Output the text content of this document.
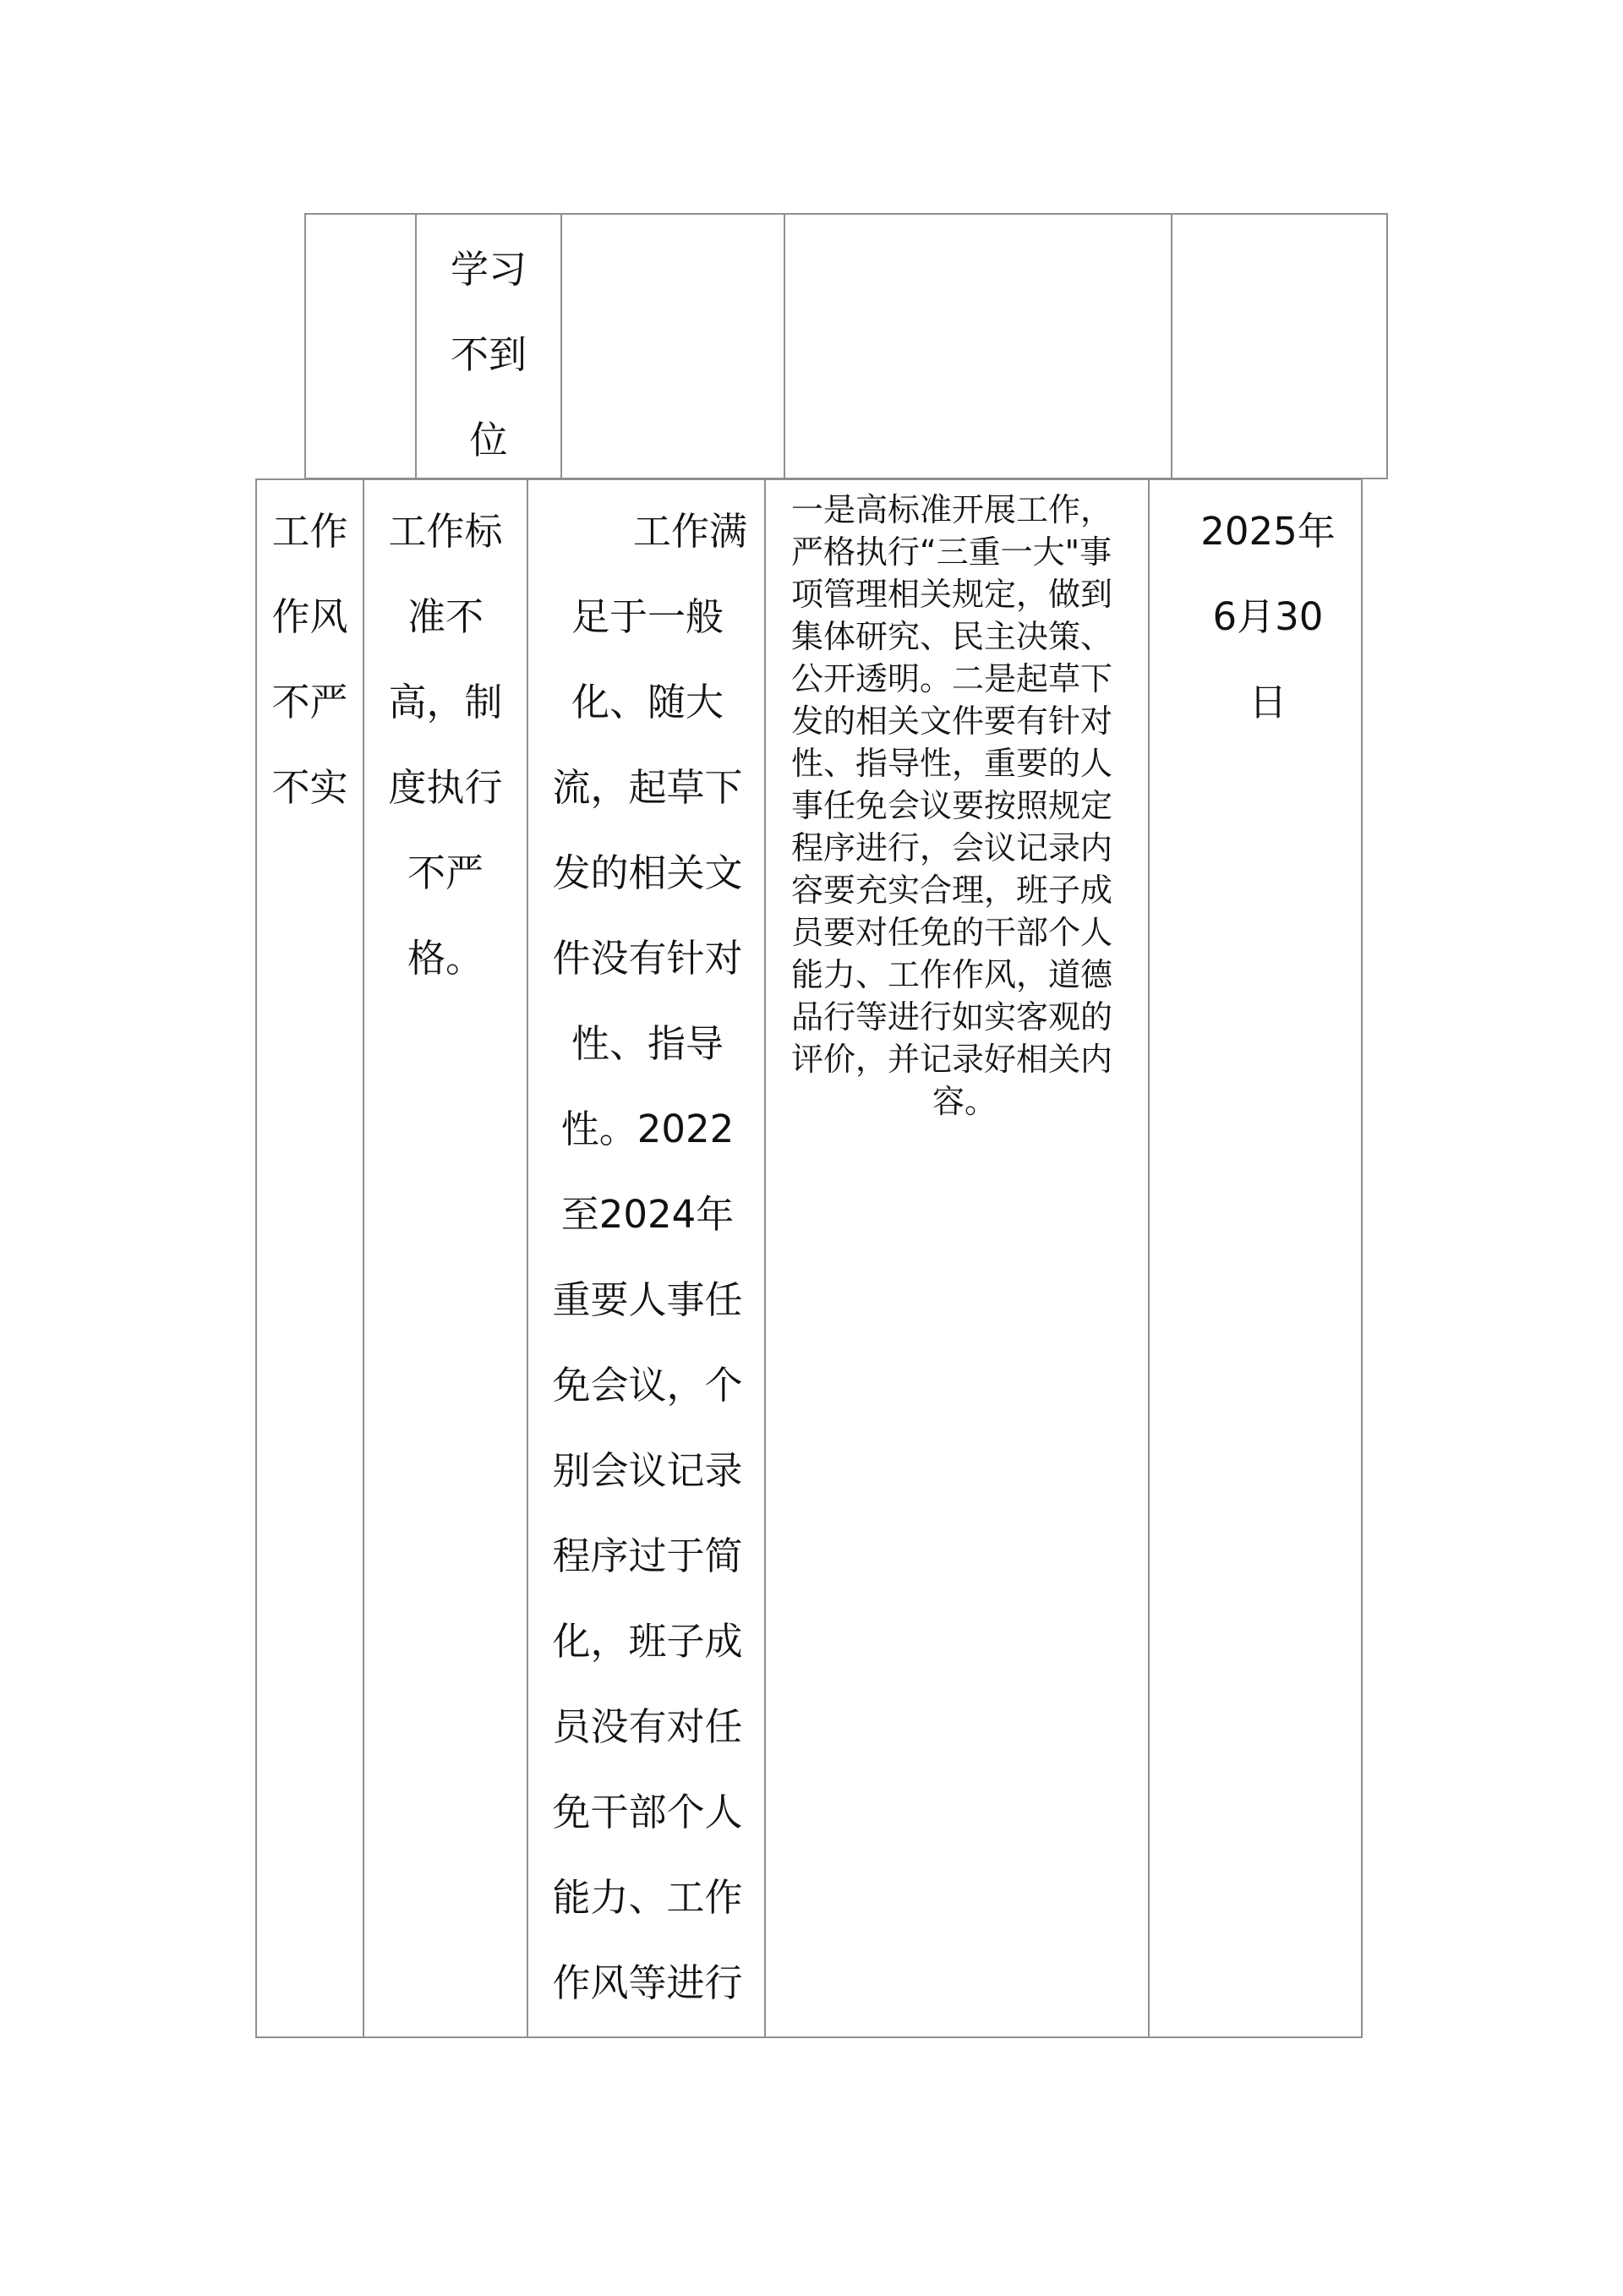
学习
不到
位
工作
作风
不严
不实
工作标
准不
高，制
度执行
不严
格。
工作满
足于一般
化、随大
流，起草下
发的相关文
件没有针对
性、指导
性。2022
至2024年
重要人事任
免会议，个
别会议记录
程序过于简
化，班子成
员没有对任
免干部个人
能力、工作
作风等进行
一是高标准开展工作，
严格执行“三重一大"事
项管理相关规定，做到
集体研究、民主决策、
公开透明。二是起草下
发的相关文件要有针对
性、指导性，重要的人
事任免会议要按照规定
程序进行，会议记录内
容要充实合理，班子成
员要对任免的干部个人
能力、工作作风，道德
品行等进行如实客观的
评价，并记录好相关内
容。
2025年
6月30
日
